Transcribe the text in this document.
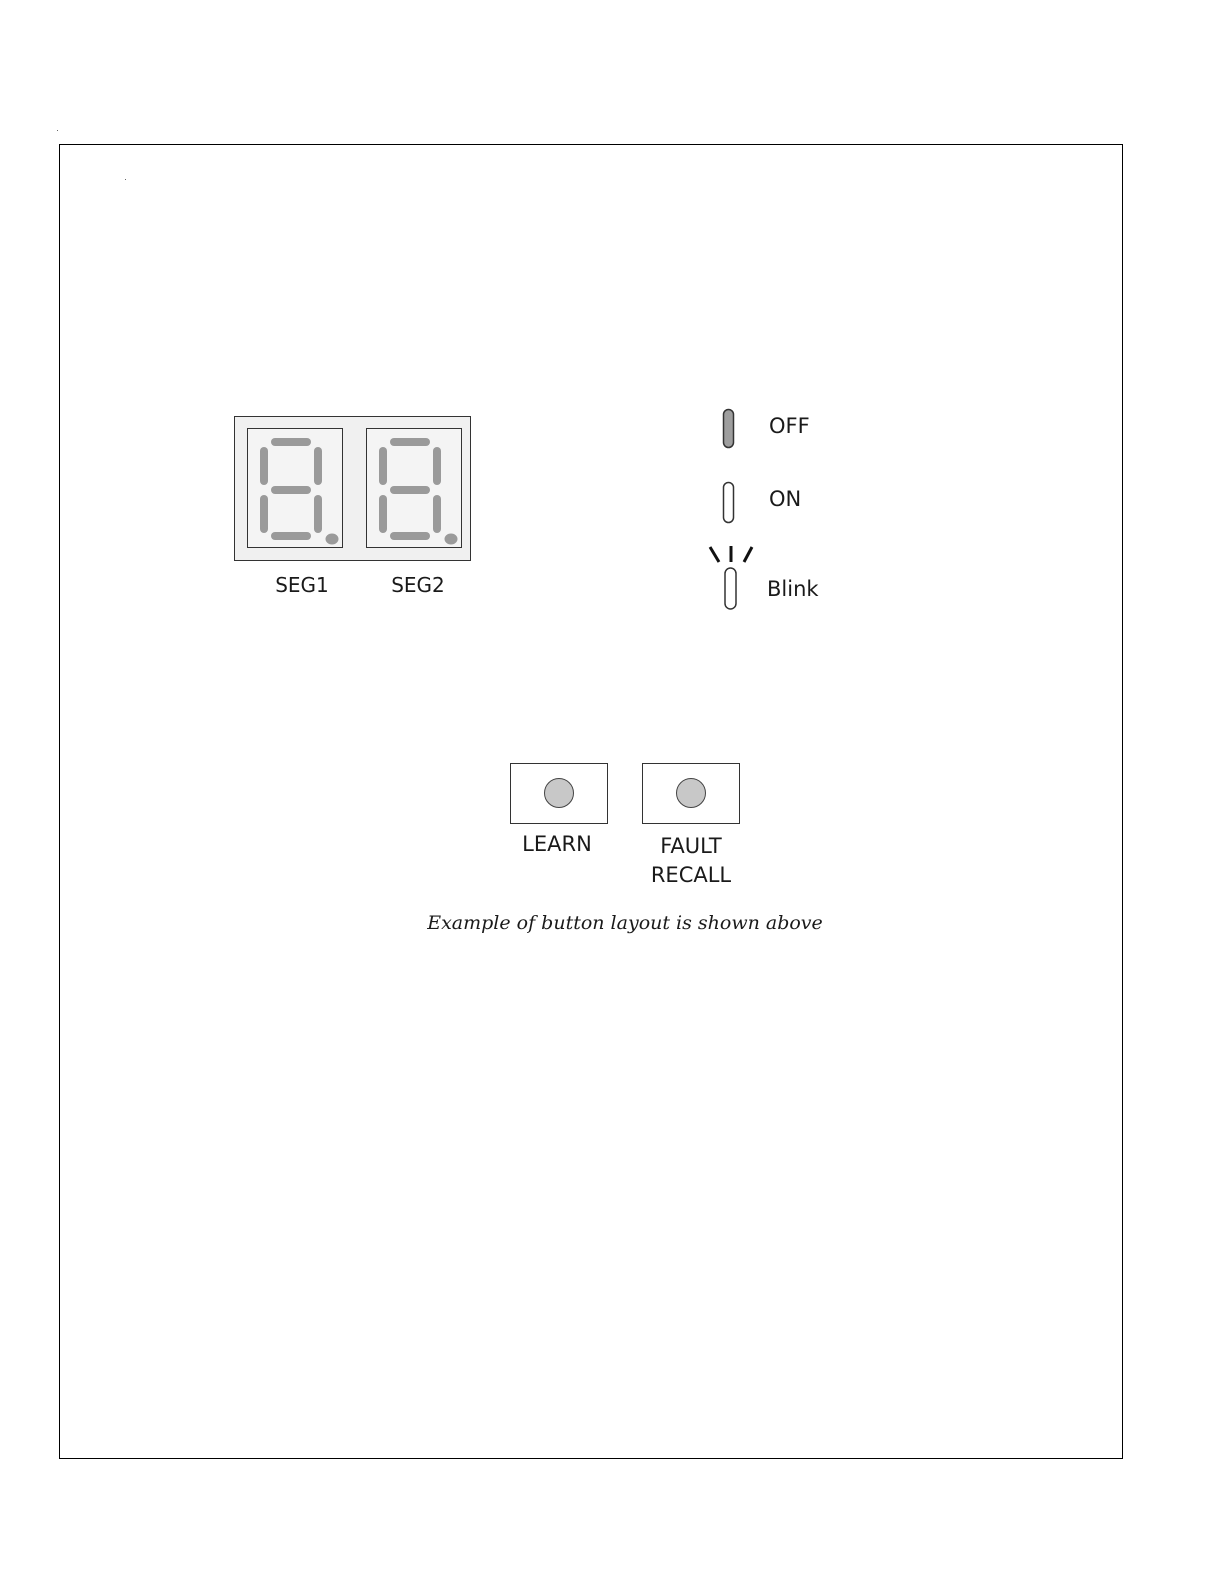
SEG1	SEG2
OFF
ON
Blink
LEARN	FAULT
RECALL
Example of button layout is shown above
